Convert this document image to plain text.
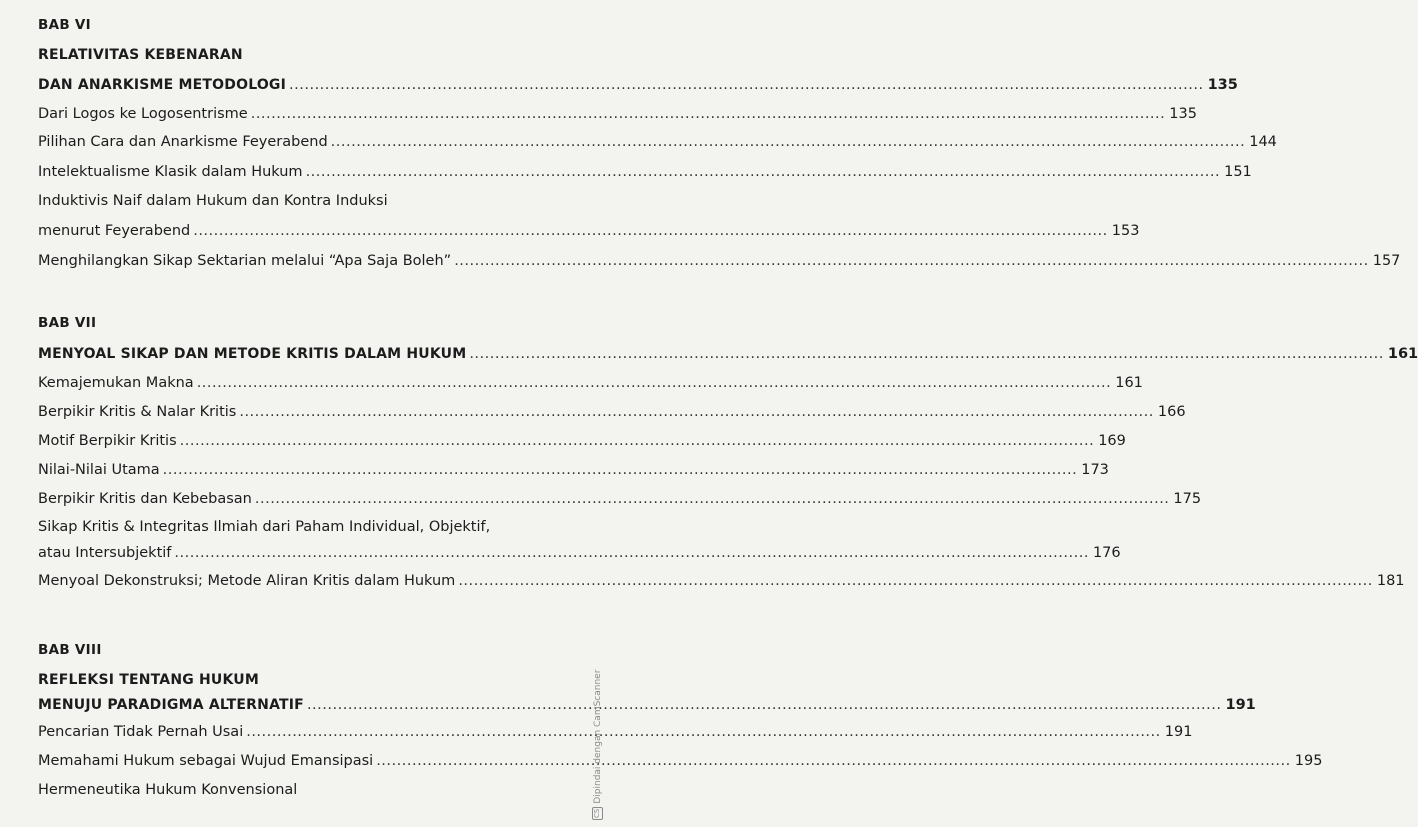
BAB VI
RELATIVITAS KEBENARAN
DAN ANARKISME METODOLOGI .....	135
Dari Logos ke Logosentrisme .....	135
Pilihan Cara dan Anarkisme Feyerabend .....	144
Intelektualisme Klasik dalam Hukum .....	151
Induktivis Naif dalam Hukum dan Kontra Induksi
menurut Feyerabend .....	153
Menghilangkan Sikap Sektarian melalui “Apa Saja Boleh” .....	157
BAB VII
MENYOAL SIKAP DAN METODE KRITIS DALAM HUKUM .....	161
Kemajemukan Makna .....	161
Berpikir Kritis & Nalar Kritis .....	166
Motif Berpikir Kritis .....	169
Nilai-Nilai Utama .....	173
Berpikir Kritis dan Kebebasan .....	175
Sikap Kritis & Integritas Ilmiah dari Paham Individual, Objektif,
atau Intersubjektif .....	176
Menyoal Dekonstruksi; Metode Aliran Kritis dalam Hukum .....	181
BAB VIII
REFLEKSI TENTANG HUKUM
MENUJU PARADIGMA ALTERNATIF .....	191
Pencarian Tidak Pernah Usai .....	191
Memahami Hukum sebagai Wujud Emansipasi .....	195
Hermeneutika Hukum Konvensional
CS
Dipindai dengan CamScanner
